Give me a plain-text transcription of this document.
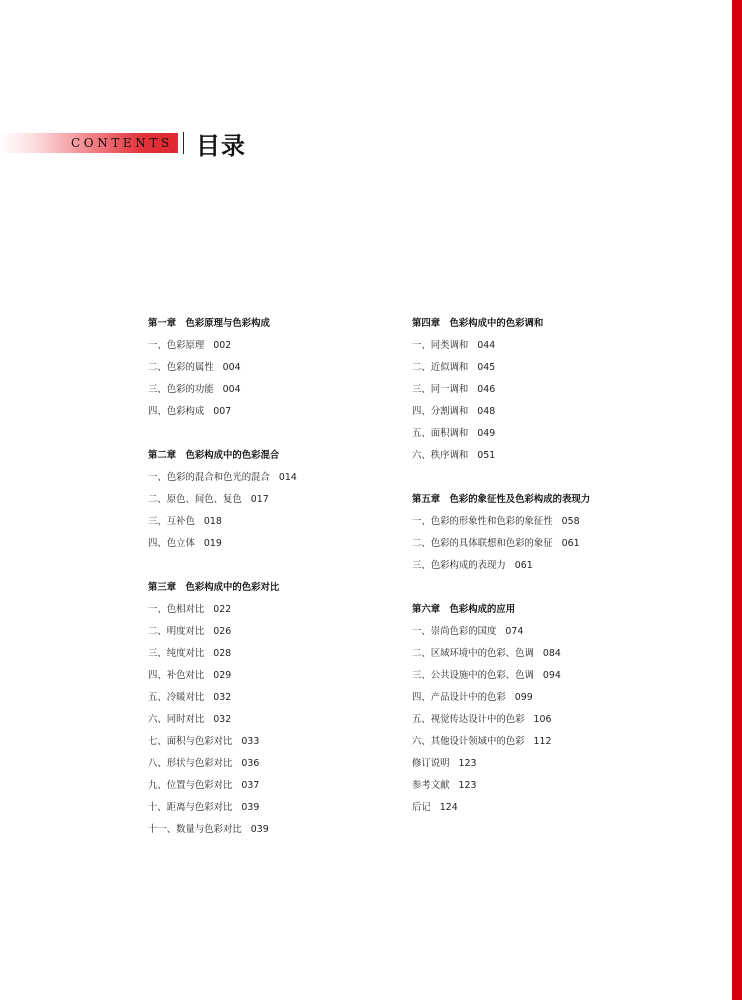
CONTENTS 目录
第一章　色彩原理与色彩构成
一、色彩原理 002
二、色彩的属性 004
三、色彩的功能 004
四、色彩构成 007
第二章　色彩构成中的色彩混合
一、色彩的混合和色光的混合 014
二、原色、间色、复色 017
三、互补色 018
四、色立体 019
第三章　色彩构成中的色彩对比
一、色相对比 022
二、明度对比 026
三、纯度对比 028
四、补色对比 029
五、冷暖对比 032
六、同时对比 032
七、面积与色彩对比 033
八、形状与色彩对比 036
九、位置与色彩对比 037
十、距离与色彩对比 039
十一、数量与色彩对比 039
第四章　色彩构成中的色彩调和
一、同类调和 044
二、近似调和 045
三、同一调和 046
四、分割调和 048
五、面积调和 049
六、秩序调和 051
第五章　色彩的象征性及色彩构成的表现力
一、色彩的形象性和色彩的象征性 058
二、色彩的具体联想和色彩的象征 061
三、色彩构成的表现力 061
第六章　色彩构成的应用
一、崇尚色彩的国度 074
二、区域环境中的色彩、色调 084
三、公共设施中的色彩、色调 094
四、产品设计中的色彩 099
五、视觉传达设计中的色彩 106
六、其他设计领域中的色彩 112
修订说明 123
参考文献 123
后记 124
